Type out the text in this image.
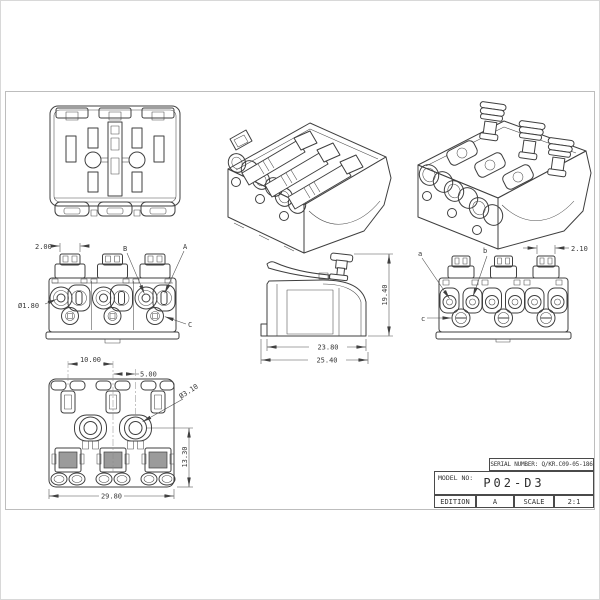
2.00	B	A
Ø1.80
C
19.40
23.80
25.40
a	b
c
2.10
10.00
5.00
Ø3.10
13.30
29.80
SERIAL NUMBER: Q/KR.C09-05-186
MODEL NO: P02-D3
EDITION	A	SCALE	2:1
